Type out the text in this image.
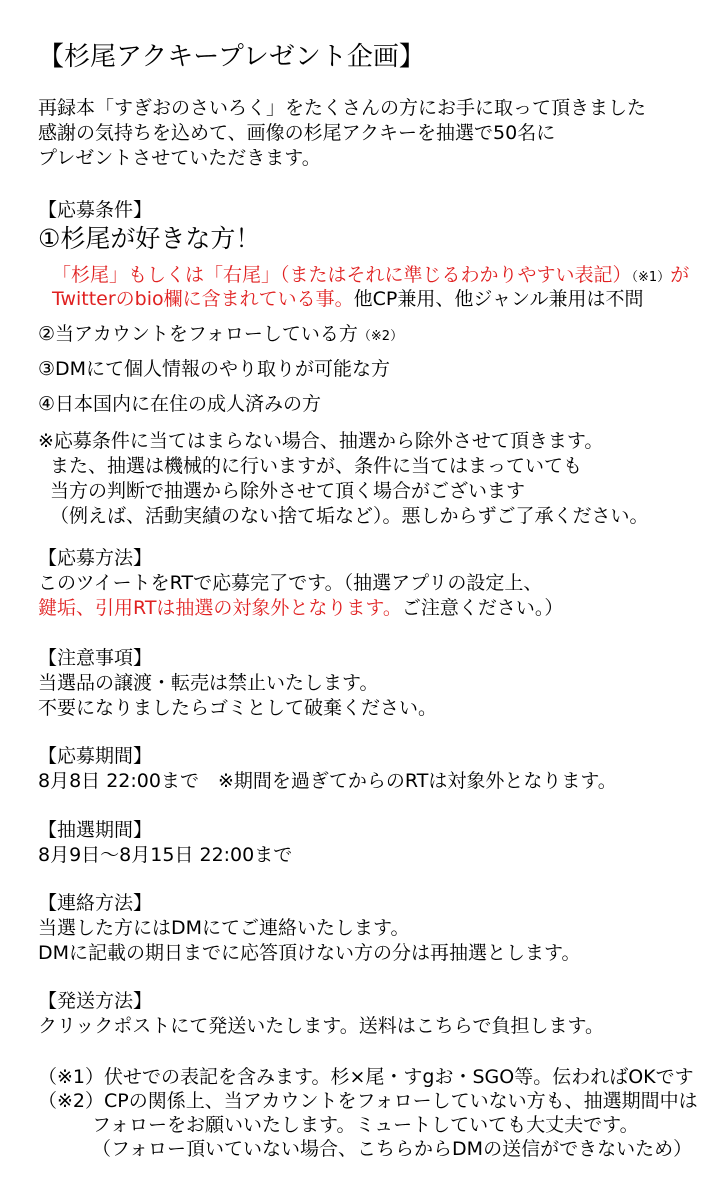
【杉尾アクキープレゼント企画】
再録本「すぎおのさいろく」をたくさんの方にお手に取って頂きました
感謝の気持ちを込めて、画像の杉尾アクキーを抽選で50名に
プレゼントさせていただきます。
【応募条件】
①杉尾が好きな方！
「杉尾」もしくは「右尾」（またはそれに準じるわかりやすい表記）（※1）が
Twitterのbio欄に含まれている事。他CP兼用、他ジャンル兼用は不問
②当アカウントをフォローしている方（※2）
③DMにて個人情報のやり取りが可能な方
④日本国内に在住の成人済みの方
※応募条件に当てはまらない場合、抽選から除外させて頂きます。
また、抽選は機械的に行いますが、条件に当てはまっていても
当方の判断で抽選から除外させて頂く場合がございます
（例えば、活動実績のない捨て垢など）。悪しからずご了承ください。
【応募方法】
このツイートをRTで応募完了です。（抽選アプリの設定上、
鍵垢、引用RTは抽選の対象外となります。ご注意ください。）
【注意事項】
当選品の譲渡・転売は禁止いたします。
不要になりましたらゴミとして破棄ください。
【応募期間】
8月8日 22:00まで　※期間を過ぎてからのRTは対象外となります。
【抽選期間】
8月9日～8月15日 22:00まで
【連絡方法】
当選した方にはDMにてご連絡いたします。
DMに記載の期日までに応答頂けない方の分は再抽選とします。
【発送方法】
クリックポストにて発送いたします。送料はこちらで負担します。
（※1）伏せでの表記を含みます。杉×尾・すgお・SGO等。伝わればOKです
（※2）CPの関係上、当アカウントをフォローしていない方も、抽選期間中は
フォローをお願いいたします。ミュートしていても大丈夫です。
（フォロー頂いていない場合、こちらからDMの送信ができないため）
